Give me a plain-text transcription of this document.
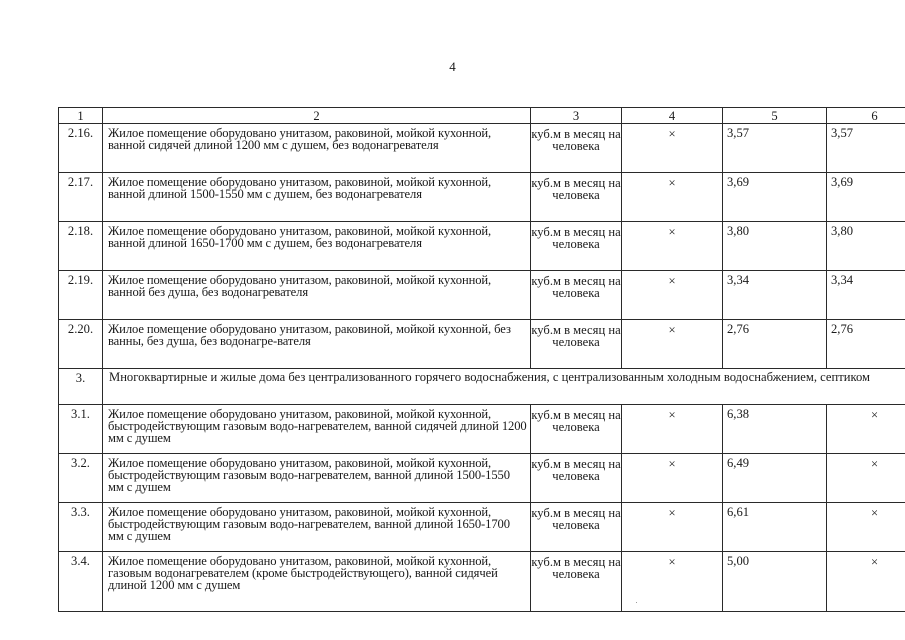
4
1	2	3	4	5	6
2.16.	Жилое помещение оборудовано унитазом, раковиной, мойкой кухонной, ванной сидячей длиной 1200 мм с душем, без водонагревателя	куб.м в месяц на человека	×	3,57	3,57
2.17.	Жилое помещение оборудовано унитазом, раковиной, мойкой кухонной, ванной длиной 1500-1550 мм с душем, без водонагревателя	куб.м в месяц на человека	×	3,69	3,69
2.18.	Жилое помещение оборудовано унитазом, раковиной, мойкой кухонной, ванной длиной 1650-1700 мм с душем, без водонагревателя	куб.м в месяц на человека	×	3,80	3,80
2.19.	Жилое помещение оборудовано унитазом, раковиной, мойкой кухонной, ванной без душа, без водонагревателя	куб.м в месяц на человека	×	3,34	3,34
2.20.	Жилое помещение оборудовано унитазом, раковиной, мойкой кухонной, без ванны, без душа, без водонагре-вателя	куб.м в месяц на человека	×	2,76	2,76
3.	Многоквартирные и жилые дома без централизованного горячего водоснабжения, с централизованным холодным водоснабжением, септиком				
3.1.	Жилое помещение оборудовано унитазом, раковиной, мойкой кухонной, быстродействующим газовым водо-нагревателем, ванной сидячей длиной 1200 мм с душем	куб.м в месяц на человека	×	6,38	×
3.2.	Жилое помещение оборудовано унитазом, раковиной, мойкой кухонной, быстродействующим газовым водо-нагревателем, ванной длиной 1500-1550 мм с душем	куб.м в месяц на человека	×	6,49	×
3.3.	Жилое помещение оборудовано унитазом, раковиной, мойкой кухонной, быстродействующим газовым водо-нагревателем, ванной длиной 1650-1700 мм с душем	куб.м в месяц на человека	×	6,61	×
3.4.	Жилое помещение оборудовано унитазом, раковиной, мойкой кухонной, газовым водонагревателем (кроме быстродействующего), ванной сидячей длиной 1200 мм с душем	куб.м в месяц на человека	×	5,00	×
